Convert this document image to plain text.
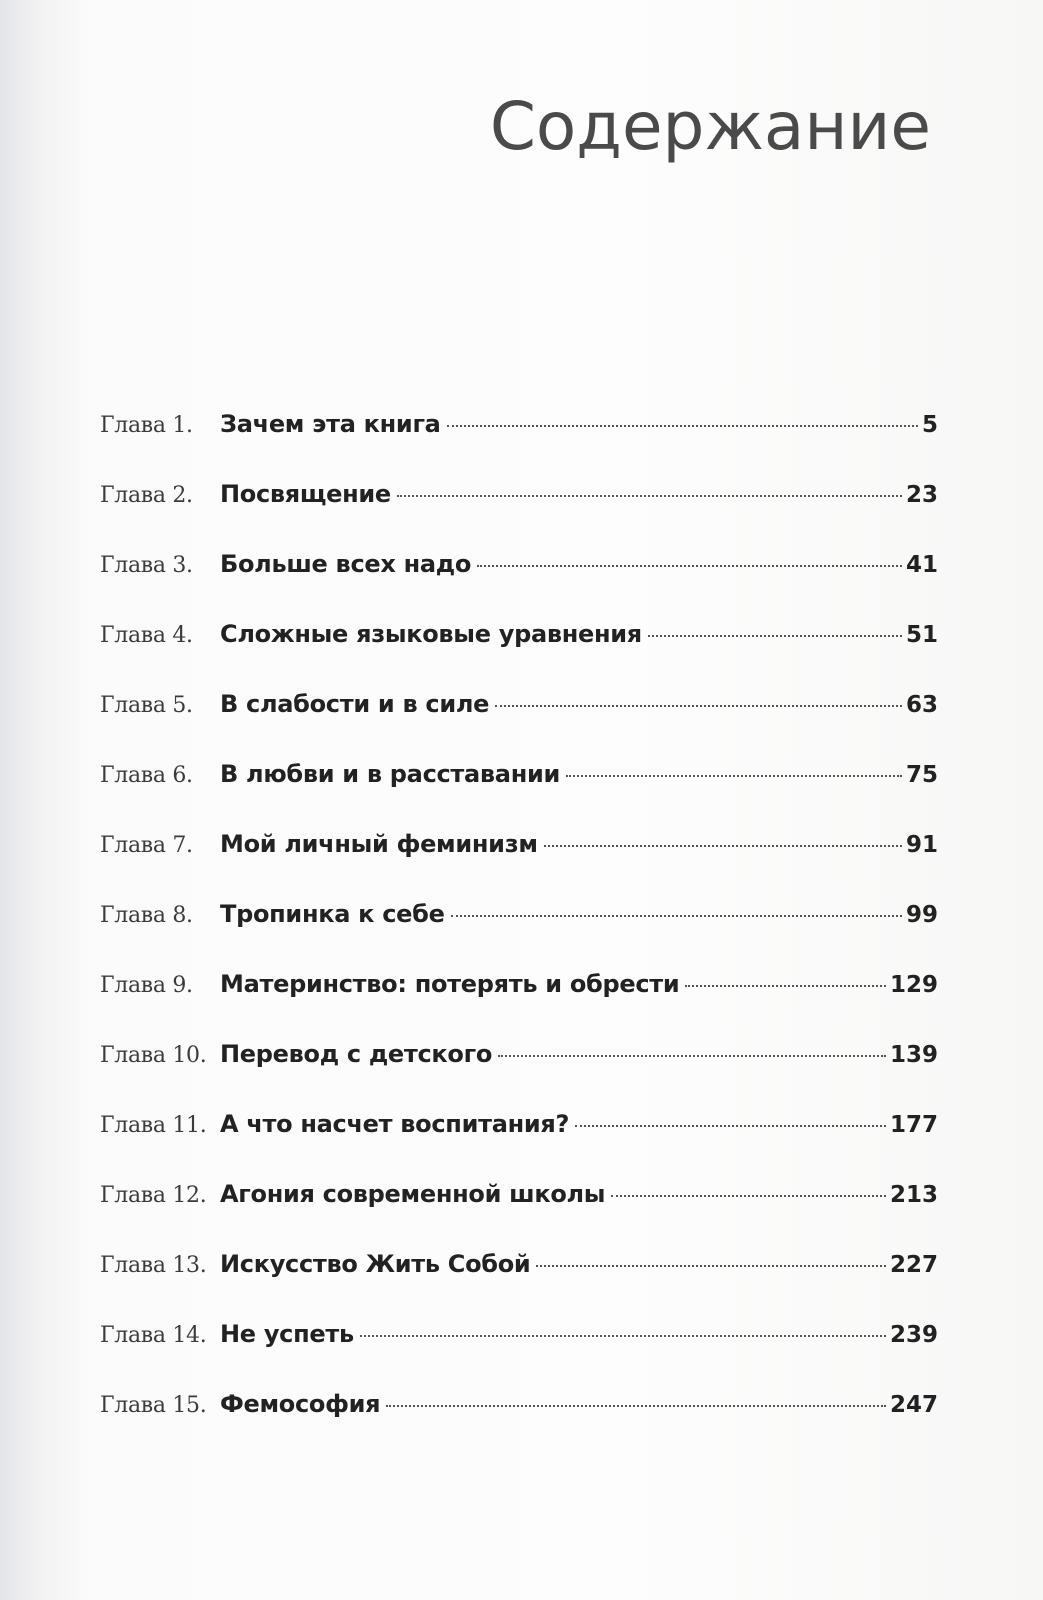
Содержание
Глава 1.	Зачем эта книга	5
Глава 2.	Посвящение	23
Глава 3.	Больше всех надо	41
Глава 4.	Сложные языковые уравнения	51
Глава 5.	В слабости и в силе	63
Глава 6.	В любви и в расставании	75
Глава 7.	Мой личный феминизм	91
Глава 8.	Тропинка к себе	99
Глава 9.	Материнство: потерять и обрести	129
Глава 10. Перевод с детского	139
Глава 11. А что насчет воспитания?	177
Глава 12. Агония современной школы	213
Глава 13. Искусство Жить Собой	227
Глава 14. Не успеть	239
Глава 15. Фемософия	247
